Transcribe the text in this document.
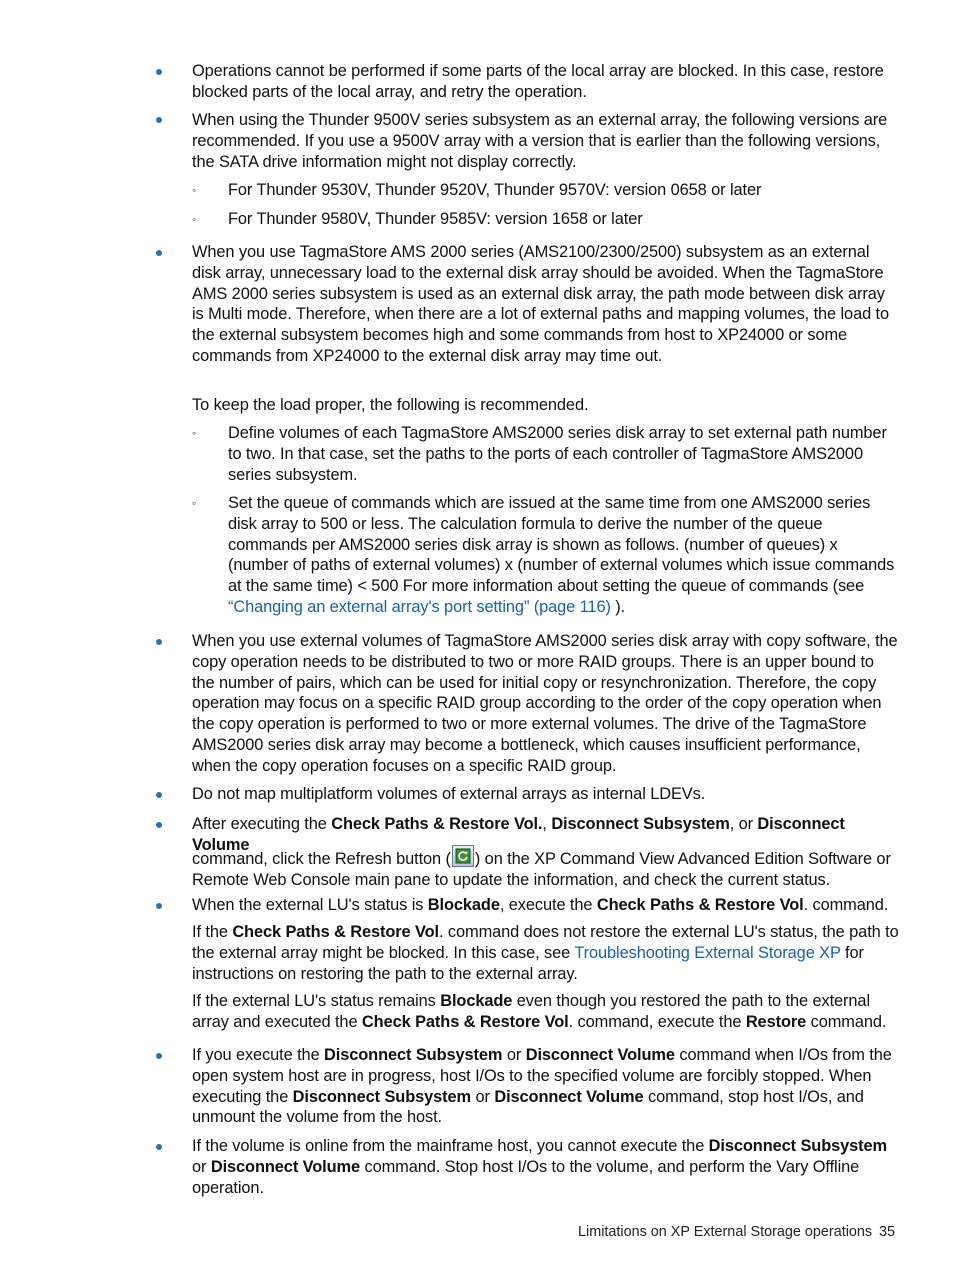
Operations cannot be performed if some parts of the local array are blocked. In this case, restore blocked parts of the local array, and retry the operation.
When using the Thunder 9500V series subsystem as an external array, the following versions are recommended. If you use a 9500V array with a version that is earlier than the following versions, the SATA drive information might not display correctly.
◦ For Thunder 9530V, Thunder 9520V, Thunder 9570V: version 0658 or later
◦ For Thunder 9580V, Thunder 9585V: version 1658 or later
When you use TagmaStore AMS 2000 series (AMS2100/2300/2500) subsystem as an external disk array, unnecessary load to the external disk array should be avoided. When the TagmaStore AMS 2000 series subsystem is used as an external disk array, the path mode between disk array is Multi mode. Therefore, when there are a lot of external paths and mapping volumes, the load to the external subsystem becomes high and some commands from host to XP24000 or some commands from XP24000 to the external disk array may time out.
To keep the load proper, the following is recommended.
◦ Define volumes of each TagmaStore AMS2000 series disk array to set external path number to two. In that case, set the paths to the ports of each controller of TagmaStore AMS2000 series subsystem.
◦ Set the queue of commands which are issued at the same time from one AMS2000 series disk array to 500 or less. The calculation formula to derive the number of the queue commands per AMS2000 series disk array is shown as follows. (number of queues) x (number of paths of external volumes) x (number of external volumes which issue commands at the same time) < 500 For more information about setting the queue of commands (see “Changing an external array's port setting” (page 116) ).
When you use external volumes of TagmaStore AMS2000 series disk array with copy software, the copy operation needs to be distributed to two or more RAID groups. There is an upper bound to the number of pairs, which can be used for initial copy or resynchronization. Therefore, the copy operation may focus on a specific RAID group according to the order of the copy operation when the copy operation is performed to two or more external volumes. The drive of the TagmaStore AMS2000 series disk array may become a bottleneck, which causes insufficient performance, when the copy operation focuses on a specific RAID group.
Do not map multiplatform volumes of external arrays as internal LDEVs.
After executing the Check Paths & Restore Vol., Disconnect Subsystem, or Disconnect Volume
command, click the Refresh button ( ) on the XP Command View Advanced Edition Software or Remote Web Console main pane to update the information, and check the current status.
When the external LU's status is Blockade, execute the Check Paths & Restore Vol. command.
If the Check Paths & Restore Vol. command does not restore the external LU's status, the path to the external array might be blocked. In this case, see Troubleshooting External Storage XP for instructions on restoring the path to the external array.
If the external LU's status remains Blockade even though you restored the path to the external array and executed the Check Paths & Restore Vol. command, execute the Restore command.
If you execute the Disconnect Subsystem or Disconnect Volume command when I/Os from the open system host are in progress, host I/Os to the specified volume are forcibly stopped. When executing the Disconnect Subsystem or Disconnect Volume command, stop host I/Os, and unmount the volume from the host.
If the volume is online from the mainframe host, you cannot execute the Disconnect Subsystem or Disconnect Volume command. Stop host I/Os to the volume, and perform the Vary Offline operation.
Limitations on XP External Storage operations 35
